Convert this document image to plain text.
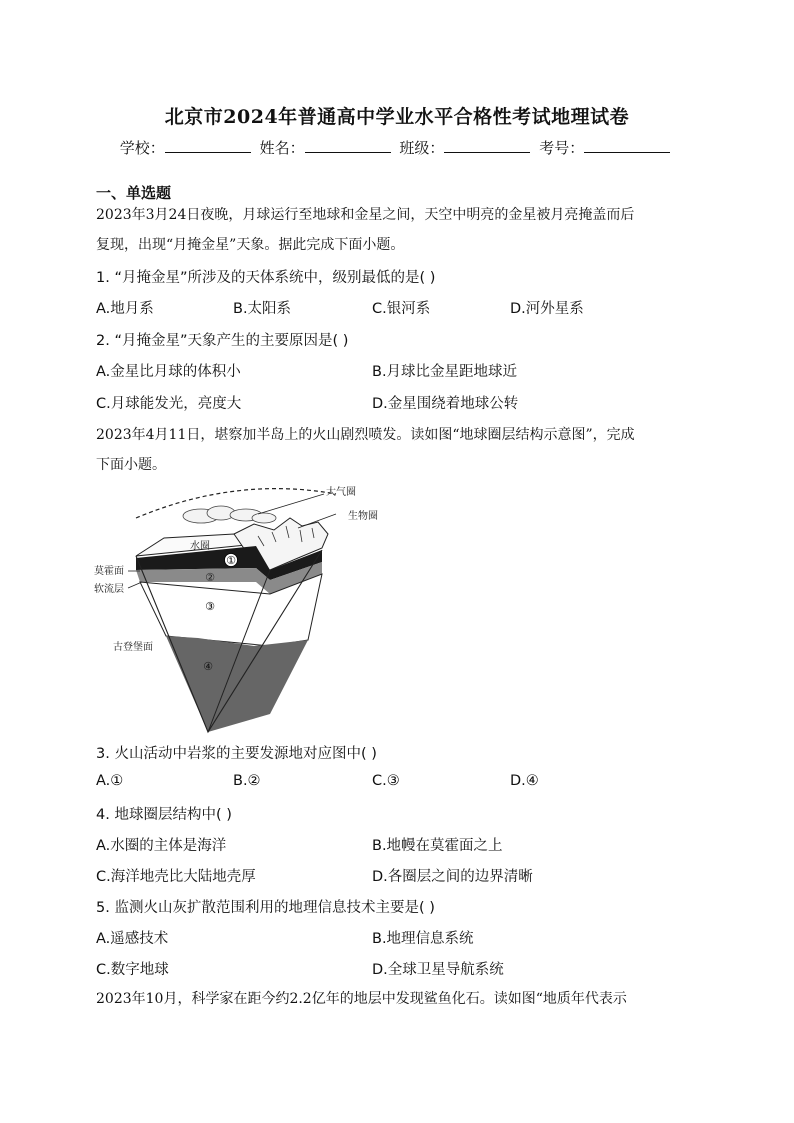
北京市2024年普通高中学业水平合格性考试地理试卷
学校：	姓名：	班级：	考号：
一、单选题
2023年3月24日夜晚，月球运行至地球和金星之间，天空中明亮的金星被月亮掩盖而后
复现，出现“月掩金星”天象。据此完成下面小题。
1. “月掩金星”所涉及的天体系统中，级别最低的是( )
A.地月系	B.太阳系	C.银河系	D.河外星系
2. “月掩金星”天象产生的主要原因是( )
A.金星比月球的体积小	B.月球比金星距地球近
C.月球能发光，亮度大	D.金星围绕着地球公转
2023年4月11日，堪察加半岛上的火山剧烈喷发。读如图“地球圈层结构示意图”，完成
下面小题。
大气圈
水圈
生物圈
①
②
③
④
莫霍面
软流层
古登堡面
3. 火山活动中岩浆的主要发源地对应图中( )
A.①	B.②	C.③	D.④
4. 地球圈层结构中( )
A.水圈的主体是海洋	B.地幔在莫霍面之上
C.海洋地壳比大陆地壳厚	D.各圈层之间的边界清晰
5. 监测火山灰扩散范围利用的地理信息技术主要是( )
A.遥感技术	B.地理信息系统
C.数字地球	D.全球卫星导航系统
2023年10月，科学家在距今约2.2亿年的地层中发现鲨鱼化石。读如图“地质年代表示
